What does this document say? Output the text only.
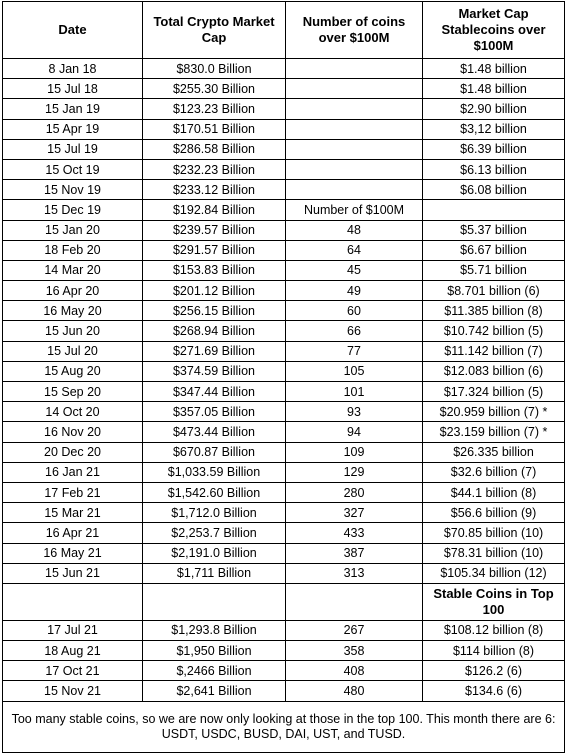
Date	Total Crypto Market Cap	Number of coins over $100M	Market Cap Stablecoins over $100M
8 Jan 18	$830.0 Billion		$1.48 billion
15 Jul 18	$255.30 Billion		$1.48 billion
15 Jan 19	$123.23 Billion		$2.90 billion
15 Apr 19	$170.51 Billion		$3,12 billion
15 Jul 19	$286.58 Billion		$6.39 billion
15 Oct 19	$232.23 Billion		$6.13 billion
15 Nov 19	$233.12 Billion		$6.08 billion
15 Dec 19	$192.84 Billion	Number of $100M	
15 Jan 20	$239.57 Billion	48	$5.37 billion
18 Feb 20	$291.57 Billion	64	$6.67 billion
14 Mar 20	$153.83 Billion	45	$5.71 billion
16 Apr 20	$201.12 Billion	49	$8.701 billion (6)
16 May 20	$256.15 Billion	60	$11.385 billion (8)
15 Jun 20	$268.94 Billion	66	$10.742 billion (5)
15 Jul 20	$271.69 Billion	77	$11.142 billion (7)
15 Aug 20	$374.59 Billion	105	$12.083 billion (6)
15 Sep 20	$347.44 Billion	101	$17.324 billion (5)
14 Oct 20	$357.05 Billion	93	$20.959 billion (7) *
16 Nov 20	$473.44 Billion	94	$23.159 billion (7) *
20 Dec 20	$670.87 Billion	109	$26.335 billion
16 Jan 21	$1,033.59 Billion	129	$32.6 billion (7)
17 Feb 21	$1,542.60 Billion	280	$44.1 billion (8)
15 Mar 21	$1,712.0 Billion	327	$56.6 billion (9)
16 Apr 21	$2,253.7 Billion	433	$70.85 billion (10)
16 May 21	$2,191.0 Billion	387	$78.31 billion (10)
15 Jun 21	$1,711 Billion	313	$105.34 billion (12)
			Stable Coins in Top 100
17 Jul 21	$1,293.8 Billion	267	$108.12 billion (8)
18 Aug 21	$1,950 Billion	358	$114 billion (8)
17 Oct 21	$,2466 Billion	408	$126.2 (6)
15 Nov 21	$2,641 Billion	480	$134.6 (6)
Too many stable coins, so we are now only looking at those in the top 100. This month there are 6: USDT, USDC, BUSD, DAI, UST, and TUSD.			
